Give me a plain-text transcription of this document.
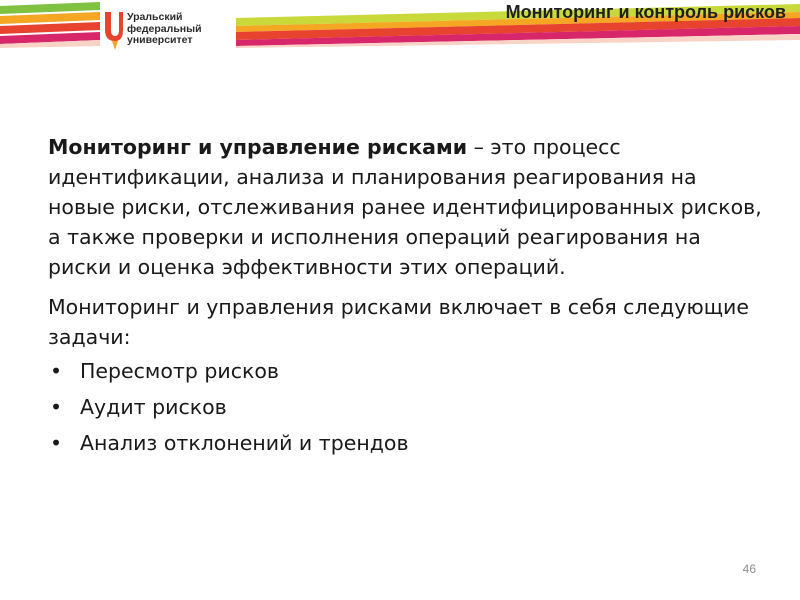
Уральский
федеральный
университет
Мониторинг и контроль рисков

Мониторинг и управление рисками – это процесс идентификации, анализа и планирования реагирования на новые риски, отслеживания ранее идентифицированных рисков, а также проверки и исполнения операций реагирования на риски и оценка эффективности этих операций.

Мониторинг и управления рисками включает в себя следующие задачи:

• Пересмотр рисков
• Аудит рисков
• Анализ отклонений и трендов
46
